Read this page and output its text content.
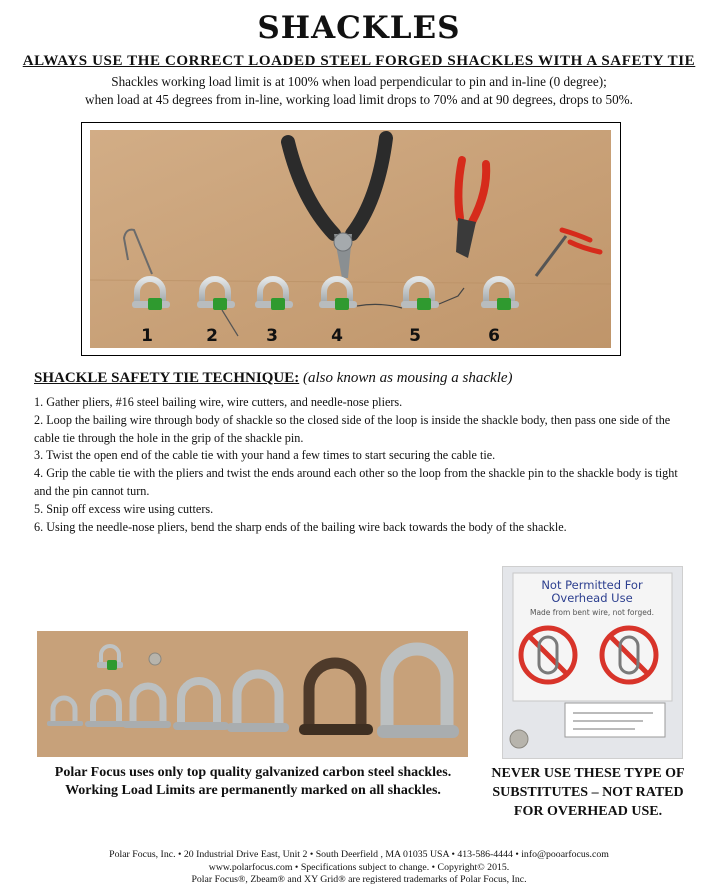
SHACKLES
ALWAYS USE THE CORRECT LOADED STEEL FORGED SHACKLES WITH A SAFETY TIE
Shackles working load limit is at 100% when load perpendicular to pin and in-line (0 degree);
when load at 45 degrees from in-line, working load limit drops to 70% and at 90 degrees, drops to 50%.
1	2	3	4	5	6
SHACKLE SAFETY TIE TECHNIQUE: (also known as mousing a shackle)
1. Gather pliers, #16 steel bailing wire, wire cutters, and needle-nose pliers.
2. Loop the bailing wire through body of shackle so the closed side of the loop is inside the shackle body, then pass one side of the cable tie through the hole in the grip of the shackle pin.
3. Twist the open end of the cable tie with your hand a few times to start securing the cable tie.
4. Grip the cable tie with the pliers and twist the ends around each other so the loop from the shackle pin to the shackle body is tight and the pin cannot turn.
5. Snip off excess wire using cutters.
6. Using the needle-nose pliers, bend the sharp ends of the bailing wire back towards the body of the shackle.
Not Permitted For
Overhead Use
Made from bent wire, not forged.
Polar Focus uses only top quality galvanized carbon steel shackles.
Working Load Limits are permanently marked on all shackles.
NEVER USE THESE TYPE OF
SUBSTITUTES – NOT RATED
FOR OVERHEAD USE.
Polar Focus, Inc. • 20 Industrial Drive East, Unit 2 • South Deerfield , MA 01035 USA • 413-586-4444 • info@pooarfocus.com
www.polarfocus.com • Specifications subject to change. • Copyright© 2015.
Polar Focus®, Zbeam® and XY Grid® are registered trademarks of Polar Focus, Inc.
